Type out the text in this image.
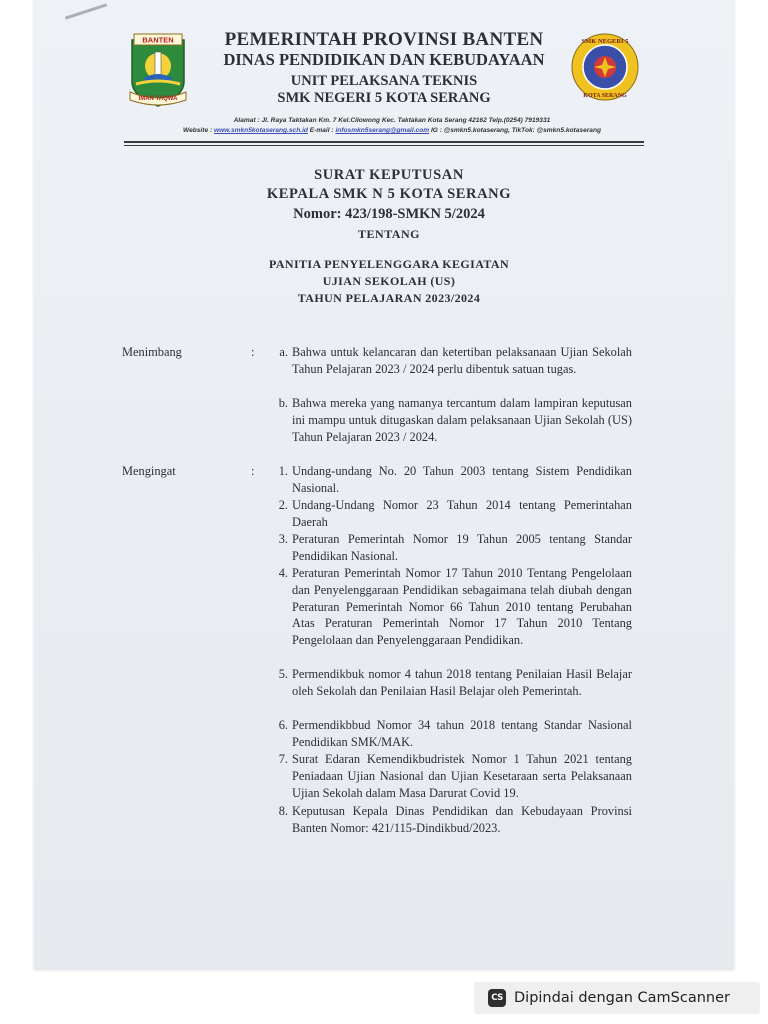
BANTEN
IMAN TAQWA
SMK NEGERI 5
KOTA SERANG
PEMERINTAH PROVINSI BANTEN
DINAS PENDIDIKAN DAN KEBUDAYAAN
UNIT PELAKSANA TEKNIS
SMK NEGERI 5 KOTA SERANG
Alamat : Jl. Raya Taktakan Km. 7 Kel.Cilowong Kec. Taktakan Kota Serang 42162 Telp.(0254) 7919331
Website : www.smkn5kotaserang.sch.id E-mail : infosmkn5serang@gmail.com IG : @smkn5.kotaserang, TikTok: @smkn5.kotaserang
SURAT KEPUTUSAN
KEPALA SMK N 5 KOTA SERANG
Nomor: 423/198-SMKN 5/2024
TENTANG
PANITIA PENYELENGGARA KEGIATAN
UJIAN SEKOLAH (US)
TAHUN PELAJARAN 2023/2024
Menimbang	:	a. Bahwa untuk kelancaran dan ketertiban pelaksanaan Ujian Sekolah Tahun Pelajaran 2023 / 2024 perlu dibentuk satuan tugas.
b. Bahwa mereka yang namanya tercantum dalam lampiran keputusan ini mampu untuk ditugaskan dalam pelaksanaan Ujian Sekolah (US) Tahun Pelajaran 2023 / 2024.
Mengingat	:	1. Undang-undang No. 20 Tahun 2003 tentang Sistem Pendidikan Nasional.
2. Undang-Undang Nomor 23 Tahun 2014 tentang Pemerintahan Daerah
3. Peraturan Pemerintah Nomor 19 Tahun 2005 tentang Standar Pendidikan Nasional.
4. Peraturan Pemerintah Nomor 17 Tahun 2010 Tentang Pengelolaan dan Penyelenggaraan Pendidikan sebagaimana telah diubah dengan Peraturan Pemerintah Nomor 66 Tahun 2010 tentang Perubahan Atas Peraturan Pemerintah Nomor 17 Tahun 2010 Tentang Pengelolaan dan Penyelenggaraan Pendidikan.
5. Permendikbuk nomor 4 tahun 2018 tentang Penilaian Hasil Belajar oleh Sekolah dan Penilaian Hasil Belajar oleh Pemerintah.
6. Permendikbbud Nomor 34 tahun 2018 tentang Standar Nasional Pendidikan SMK/MAK.
7. Surat Edaran Kemendikbudristek Nomor 1 Tahun 2021 tentang Peniadaan Ujian Nasional dan Ujian Kesetaraan serta Pelaksanaan Ujian Sekolah dalam Masa Darurat Covid 19.
8. Keputusan Kepala Dinas Pendidikan dan Kebudayaan Provinsi Banten Nomor: 421/115-Dindikbud/2023.
CS Dipindai dengan CamScanner
